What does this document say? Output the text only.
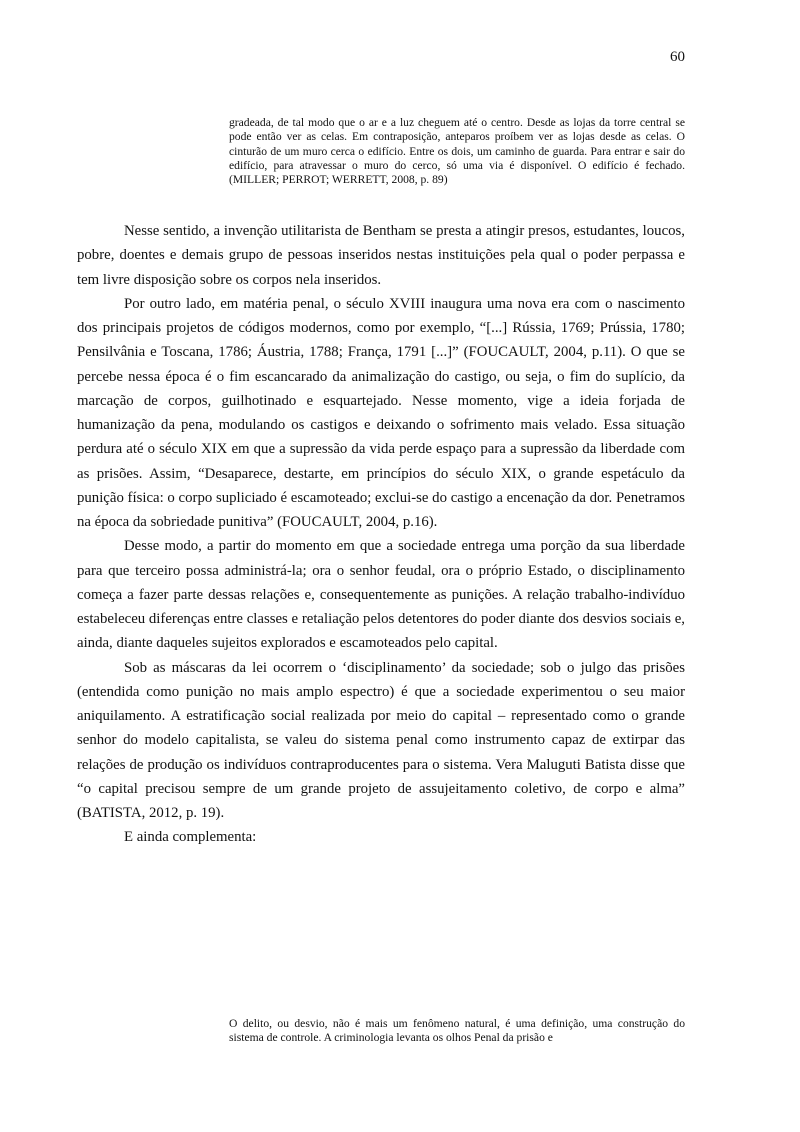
60
gradeada, de tal modo que o ar e a luz cheguem até o centro. Desde as lojas da torre central se pode então ver as celas. Em contraposição, anteparos proíbem ver as lojas desde as celas. O cinturão de um muro cerca o edifício. Entre os dois, um caminho de guarda. Para entrar e sair do edifício, para atravessar o muro do cerco, só uma via é disponível. O edifício é fechado. (MILLER; PERROT; WERRETT, 2008, p. 89)

Nesse sentido, a invenção utilitarista de Bentham se presta a atingir presos, estudantes, loucos, pobre, doentes e demais grupo de pessoas inseridos nestas instituições pela qual o poder perpassa e tem livre disposição sobre os corpos nela inseridos.

Por outro lado, em matéria penal, o século XVIII inaugura uma nova era com o nascimento dos principais projetos de códigos modernos, como por exemplo, “[...] Rússia, 1769; Prússia, 1780; Pensilvânia e Toscana, 1786; Áustria, 1788; França, 1791 [...]” (FOUCAULT, 2004, p.11). O que se percebe nessa época é o fim escancarado da animalização do castigo, ou seja, o fim do suplício, da marcação de corpos, guilhotinado e esquartejado. Nesse momento, vige a ideia forjada de humanização da pena, modulando os castigos e deixando o sofrimento mais velado. Essa situação perdura até o século XIX em que a supressão da vida perde espaço para a supressão da liberdade com as prisões. Assim, “Desaparece, destarte, em princípios do século XIX, o grande espetáculo da punição física: o corpo supliciado é escamoteado; exclui-se do castigo a encenação da dor. Penetramos na época da sobriedade punitiva” (FOUCAULT, 2004, p.16).

Desse modo, a partir do momento em que a sociedade entrega uma porção da sua liberdade para que terceiro possa administrá-la; ora o senhor feudal, ora o próprio Estado, o disciplinamento começa a fazer parte dessas relações e, consequentemente as punições. A relação trabalho-indivíduo estabeleceu diferenças entre classes e retaliação pelos detentores do poder diante dos desvios sociais e, ainda, diante daqueles sujeitos explorados e escamoteados pelo capital.

Sob as máscaras da lei ocorrem o ‘disciplinamento’ da sociedade; sob o julgo das prisões (entendida como punição no mais amplo espectro) é que a sociedade experimentou o seu maior aniquilamento. A estratificação social realizada por meio do capital – representado como o grande senhor do modelo capitalista, se valeu do sistema penal como instrumento capaz de extirpar das relações de produção os indivíduos contraproducentes para o sistema. Vera Maluguti Batista disse que “o capital precisou sempre de um grande projeto de assujeitamento coletivo, de corpo e alma” (BATISTA, 2012, p. 19).

E ainda complementa:

O delito, ou desvio, não é mais um fenômeno natural, é uma definição, uma construção do sistema de controle. A criminologia levanta os olhos Penal da prisão e
